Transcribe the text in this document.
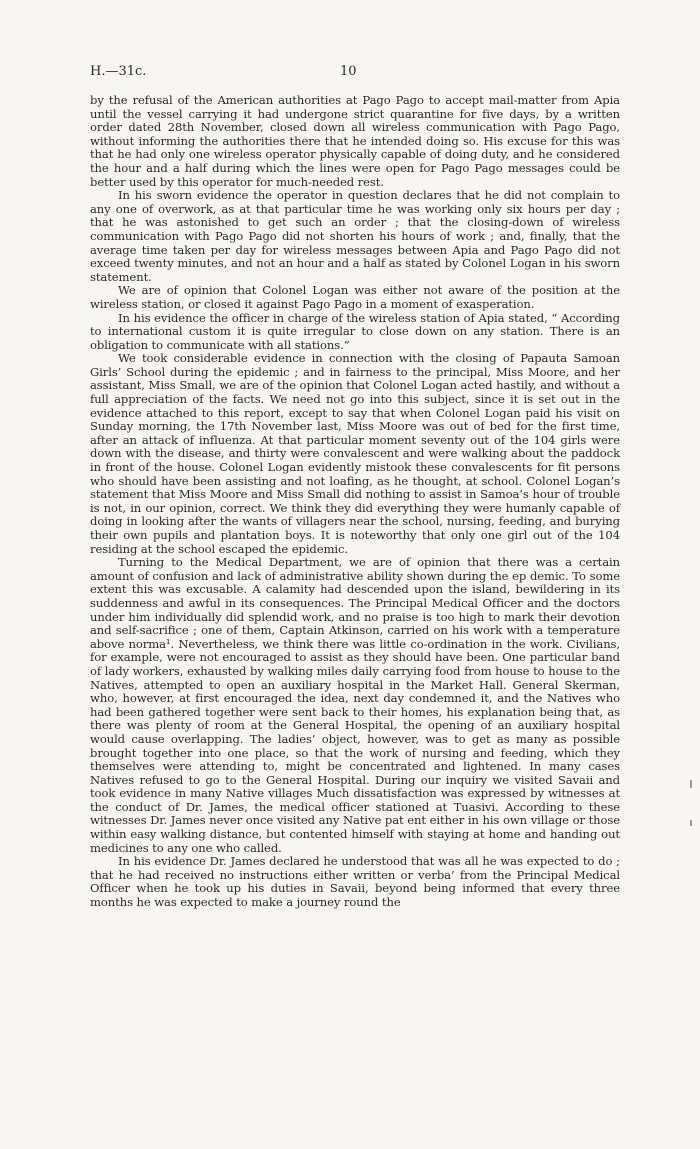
H.—31c.	10

by the refusal of the American authorities at Pago Pago to accept mail-matter from Apia until the vessel carrying it had undergone strict quarantine for five days, by a written order dated 28th November, closed down all wireless communication with Pago Pago, without informing the authorities there that he intended doing so. His excuse for this was that he had only one wireless operator physically capable of doing duty, and he considered the hour and a half during which the lines were open for Pago Pago messages could be better used by this operator for much-needed rest.

In his sworn evidence the operator in question declares that he did not complain to any one of overwork, as at that particular time he was working only six hours per day ; that he was astonished to get such an order ; that the closing-down of wireless communication with Pago Pago did not shorten his hours of work ; and, finally, that the average time taken per day for wireless messages between Apia and Pago Pago did not exceed twenty minutes, and not an hour and a half as stated by Colonel Logan in his sworn statement.

We are of opinion that Colonel Logan was either not aware of the position at the wireless station, or closed it against Pago Pago in a moment of exasperation.

In his evidence the officer in charge of the wireless station of Apia stated, “ According to international custom it is quite irregular to close down on any station. There is an obligation to communicate with all stations.”

We took considerable evidence in connection with the closing of Papauta Samoan Girls’ School during the epidemic ; and in fairness to the principal, Miss Moore, and her assistant, Miss Small, we are of the opinion that Colonel Logan acted hastily, and without a full appreciation of the facts. We need not go into this subject, since it is set out in the evidence attached to this report, except to say that when Colonel Logan paid his visit on Sunday morning, the 17th November last, Miss Moore was out of bed for the first time, after an attack of influenza. At that particular moment seventy out of the 104 girls were down with the disease, and thirty were convalescent and were walking about the paddock in front of the house. Colonel Logan evidently mistook these convalescents for fit persons who should have been assisting and not loafing, as he thought, at school. Colonel Logan’s statement that Miss Moore and Miss Small did nothing to assist in Samoa’s hour of trouble is not, in our opinion, correct. We think they did everything they were humanly capable of doing in looking after the wants of villagers near the school, nursing, feeding, and burying their own pupils and plantation boys. It is noteworthy that only one girl out of the 104 residing at the school escaped the epidemic.

Turning to the Medical Department, we are of opinion that there was a certain amount of confusion and lack of administrative ability shown during the ep demic. To some extent this was excusable. A calamity had descended upon the island, bewildering in its suddenness and awful in its consequences. The Principal Medical Officer and the doctors under him individually did splendid work, and no praise is too high to mark their devotion and self-sacrifice ; one of them, Captain Atkinson, carried on his work with a temperature above norma¹. Nevertheless, we think there was little co-ordination in the work. Civilians, for example, were not encouraged to assist as they should have been. One particular band of lady workers, exhausted by walking miles daily carrying food from house to house to the Natives, attempted to open an auxiliary hospital in the Market Hall. General Skerman, who, however, at first encouraged the idea, next day condemned it, and the Natives who had been gathered together were sent back to their homes, his explanation being that, as there was plenty of room at the General Hospital, the opening of an auxiliary hospital would cause overlapping. The ladies’ object, however, was to get as many as possible brought together into one place, so that the work of nursing and feeding, which they themselves were attending to, might be concentrated and lightened. In many cases Natives refused to go to the General Hospital. During our inquiry we visited Savaii and took evidence in many Native villages Much dissatisfaction was expressed by witnesses at the conduct of Dr. James, the medical officer stationed at Tuasivi. According to these witnesses Dr. James never once visited any Native pat ent either in his own village or those within easy walking distance, but contented himself with staying at home and handing out medicines to any one who called.

In his evidence Dr. James declared he understood that was all he was expected to do ; that he had received no instructions either written or verba’ from the Principal Medical Officer when he took up his duties in Savaii, beyond being informed that every three months he was expected to make a journey round the
